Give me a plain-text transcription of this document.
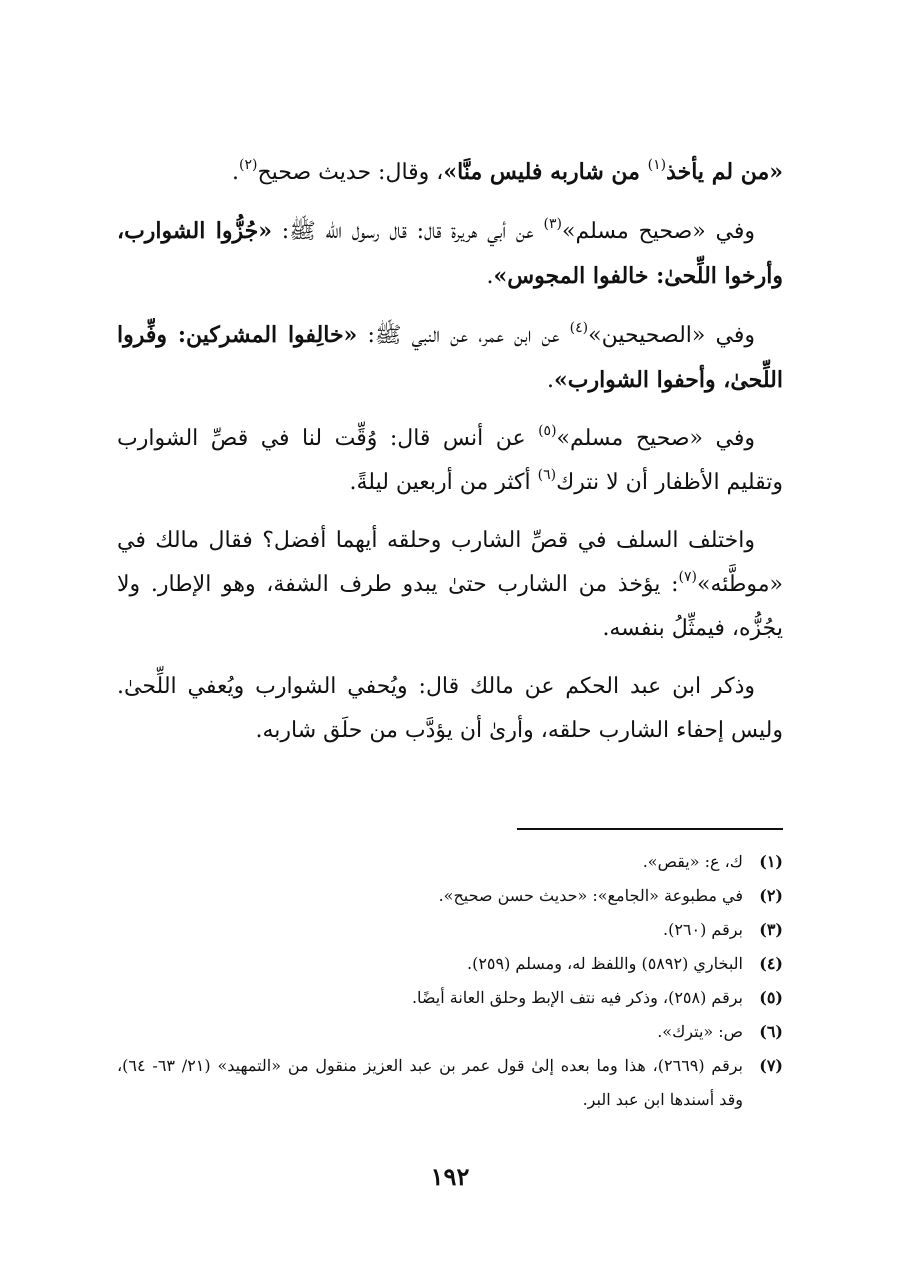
«من لم يأخذ$^{(١)}$ من شاربه فليس منَّا»، وقال: حديث صحيح$^{(٢)}$.

وفي «صحيح مسلم»$^{(٣)}$ عن أبي هريرة قال: قال رسول الله ﷺ: «جُزُّوا الشوارب، وأرخوا اللِّحىٰ: خالفوا المجوس».

وفي «الصحيحين»$^{(٤)}$ عن ابن عمر، عن النبي ﷺ: «خالِفوا المشركين: وفِّروا اللِّحىٰ، وأحفوا الشوارب».

وفي «صحيح مسلم»$^{(٥)}$ عن أنس قال: وُقِّت لنا في قصِّ الشوارب وتقليم الأظفار أن لا نترك$^{(٦)}$ أكثر من أربعين ليلةً.

واختلف السلف في قصِّ الشارب وحلقه أيهما أفضل؟ فقال مالك في «موطَّئه»$^{(٧)}$: يؤخذ من الشارب حتىٰ يبدو طرف الشفة، وهو الإطار. ولا يجُزُّه، فيمثِّلُ بنفسه.

وذكر ابن عبد الحكم عن مالك قال: ويُحفي الشوارب ويُعفي اللِّحىٰ. وليس إحفاء الشارب حلقه، وأرىٰ أن يؤدَّب من حلَق شاربه.

(١)
ك، ع: «يقص».
(٢)
في مطبوعة «الجامع»: «حديث حسن صحيح».
(٣)
برقم (٢٦٠).
(٤)
البخاري (٥٨٩٢) واللفظ له، ومسلم (٢٥٩).
(٥)
برقم (٢٥٨)، وذكر فيه نتف الإبط وحلق العانة أيضًا.
(٦)
ص: «يترك».
(٧)
برقم (٢٦٦٩)، هذا وما بعده إلىٰ قول عمر بن عبد العزيز منقول من «التمهيد» (٢١/ ٦٣- ٦٤)، وقد أسندها ابن عبد البر.
١٩٢
